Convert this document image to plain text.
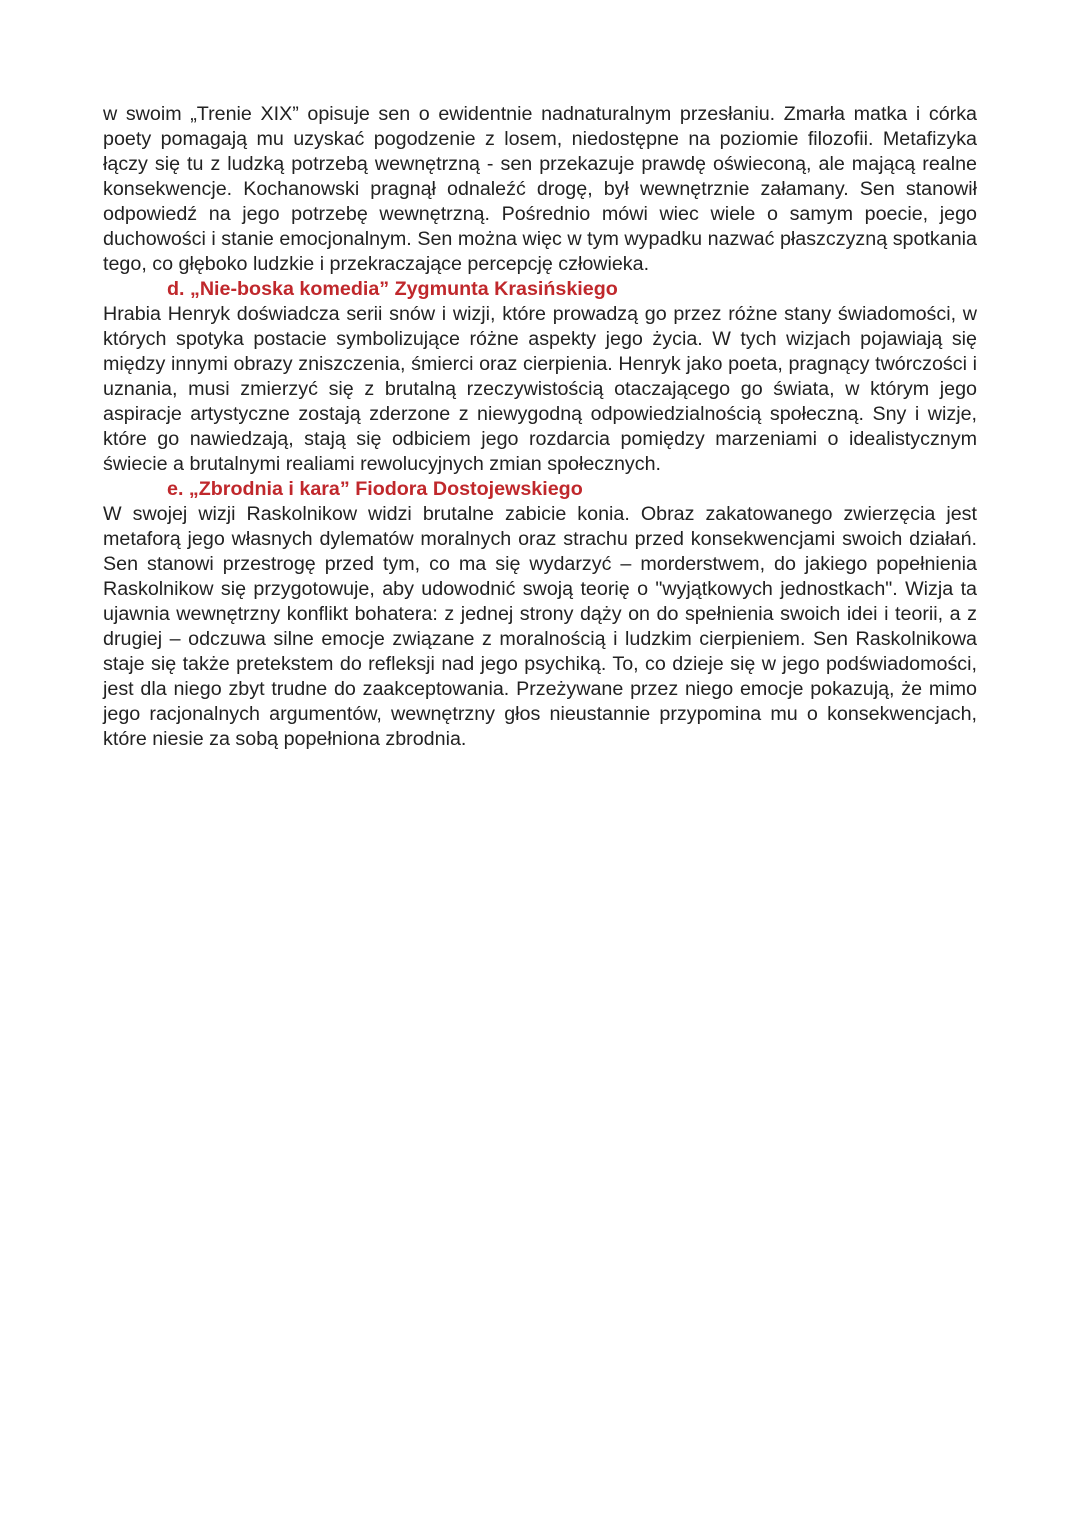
w swoim „Trenie XIX” opisuje sen o ewidentnie nadnaturalnym przesłaniu. Zmarła matka i córka poety pomagają mu uzyskać pogodzenie z losem, niedostępne na poziomie filozofii. Metafizyka łączy się tu z ludzką potrzebą wewnętrzną - sen przekazuje prawdę oświeconą, ale mającą realne konsekwencje. Kochanowski pragnął odnaleźć drogę, był wewnętrznie załamany. Sen stanowił odpowiedź na jego potrzebę wewnętrzną. Pośrednio mówi wiec wiele o samym poecie, jego duchowości i stanie emocjonalnym. Sen można więc w tym wypadku nazwać płaszczyzną spotkania tego, co głęboko ludzkie i przekraczające percepcję człowieka.

d. „Nie-boska komedia” Zygmunta Krasińskiego

Hrabia Henryk doświadcza serii snów i wizji, które prowadzą go przez różne stany świadomości, w których spotyka postacie symbolizujące różne aspekty jego życia. W tych wizjach pojawiają się między innymi obrazy zniszczenia, śmierci oraz cierpienia. Henryk jako poeta, pragnący twórczości i uznania, musi zmierzyć się z brutalną rzeczywistością otaczającego go świata, w którym jego aspiracje artystyczne zostają zderzone z niewygodną odpowiedzialnością społeczną. Sny i wizje, które go nawiedzają, stają się odbiciem jego rozdarcia pomiędzy marzeniami o idealistycznym świecie a brutalnymi realiami rewolucyjnych zmian społecznych.

e. „Zbrodnia i kara” Fiodora Dostojewskiego

W swojej wizji Raskolnikow widzi brutalne zabicie konia. Obraz zakatowanego zwierzęcia jest metaforą jego własnych dylematów moralnych oraz strachu przed konsekwencjami swoich działań. Sen stanowi przestrogę przed tym, co ma się wydarzyć – morderstwem, do jakiego popełnienia Raskolnikow się przygotowuje, aby udowodnić swoją teorię o "wyjątkowych jednostkach". Wizja ta ujawnia wewnętrzny konflikt bohatera: z jednej strony dąży on do spełnienia swoich idei i teorii, a z drugiej – odczuwa silne emocje związane z moralnością i ludzkim cierpieniem. Sen Raskolnikowa staje się także pretekstem do refleksji nad jego psychiką. To, co dzieje się w jego podświadomości, jest dla niego zbyt trudne do zaakceptowania. Przeżywane przez niego emocje pokazują, że mimo jego racjonalnych argumentów, wewnętrzny głos nieustannie przypomina mu o konsekwencjach, które niesie za sobą popełniona zbrodnia.
